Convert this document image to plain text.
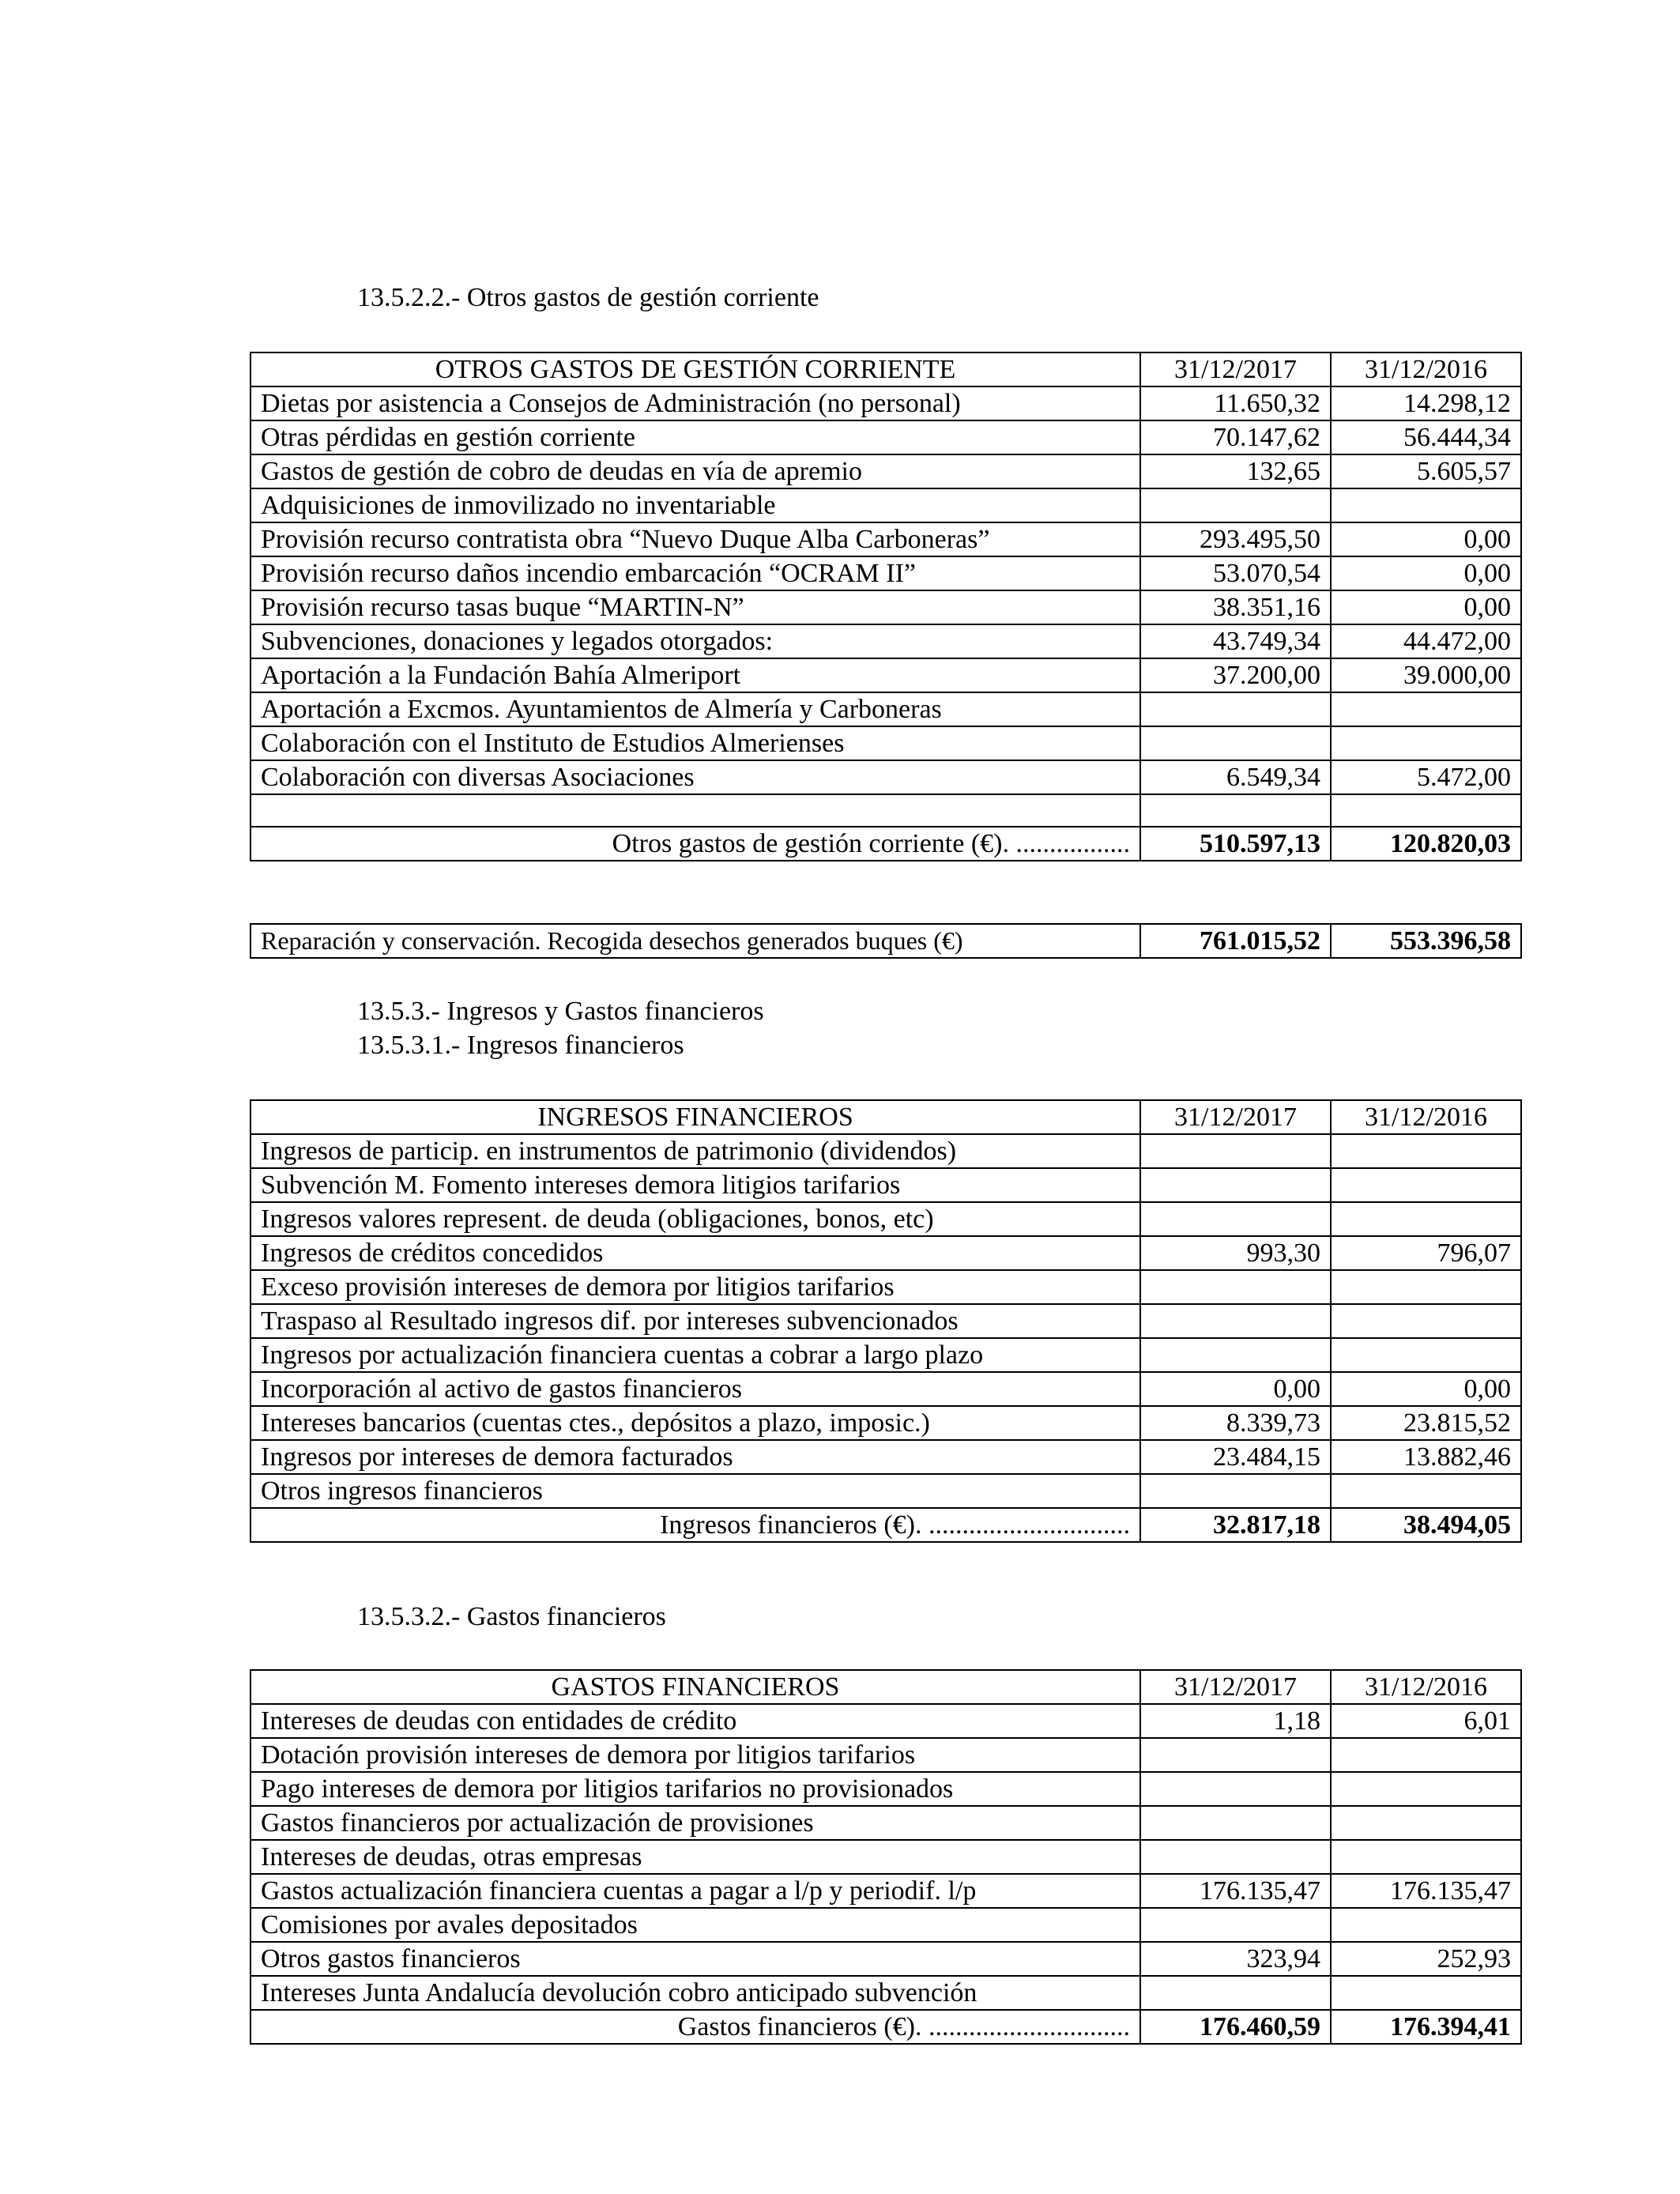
13.5.2.2.- Otros gastos de gestión corriente
OTROS GASTOS DE GESTIÓN CORRIENTE	31/12/2017	31/12/2016
Dietas por asistencia a Consejos de Administración (no personal)	11.650,32	14.298,12
Otras pérdidas en gestión corriente	70.147,62	56.444,34
Gastos de gestión de cobro de deudas en vía de apremio	132,65	5.605,57
Adquisiciones de inmovilizado no inventariable		
Provisión recurso contratista obra “Nuevo Duque Alba Carboneras”	293.495,50	0,00
Provisión recurso daños incendio embarcación “OCRAM II”	53.070,54	0,00
Provisión recurso tasas buque “MARTIN-N”	38.351,16	0,00
Subvenciones, donaciones y legados otorgados:	43.749,34	44.472,00
Aportación a la Fundación Bahía Almeriport	37.200,00	39.000,00
Aportación a Excmos. Ayuntamientos de Almería y Carboneras		
Colaboración con el Instituto de Estudios Almerienses		
Colaboración con diversas Asociaciones	6.549,34	5.472,00

Otros gastos de gestión corriente (€). .................	510.597,13	120.820,03
Reparación y conservación. Recogida desechos generados buques (€)	761.015,52	553.396,58
13.5.3.- Ingresos y Gastos financieros
13.5.3.1.- Ingresos financieros
INGRESOS FINANCIEROS	31/12/2017	31/12/2016
Ingresos de particip. en instrumentos de patrimonio (dividendos)		
Subvención M. Fomento intereses demora litigios tarifarios		
Ingresos valores represent. de deuda (obligaciones, bonos, etc)		
Ingresos de créditos concedidos	993,30	796,07
Exceso provisión intereses de demora por litigios tarifarios		
Traspaso al Resultado ingresos dif. por intereses subvencionados		
Ingresos por actualización financiera cuentas a cobrar a largo plazo		
Incorporación al activo de gastos financieros	0,00	0,00
Intereses bancarios (cuentas ctes., depósitos a plazo, imposic.)	8.339,73	23.815,52
Ingresos por intereses de demora facturados	23.484,15	13.882,46
Otros ingresos financieros		
Ingresos financieros (€). ..............................	32.817,18	38.494,05
13.5.3.2.- Gastos financieros
GASTOS FINANCIEROS	31/12/2017	31/12/2016
Intereses de deudas con entidades de crédito	1,18	6,01
Dotación provisión intereses de demora por litigios tarifarios		
Pago intereses de demora por litigios tarifarios no provisionados		
Gastos financieros por actualización de provisiones		
Intereses de deudas, otras empresas		
Gastos actualización financiera cuentas a pagar a l/p y periodif. l/p	176.135,47	176.135,47
Comisiones por avales depositados		
Otros gastos financieros	323,94	252,93
Intereses Junta Andalucía devolución cobro anticipado subvención		
Gastos financieros (€). ..............................	176.460,59	176.394,41
